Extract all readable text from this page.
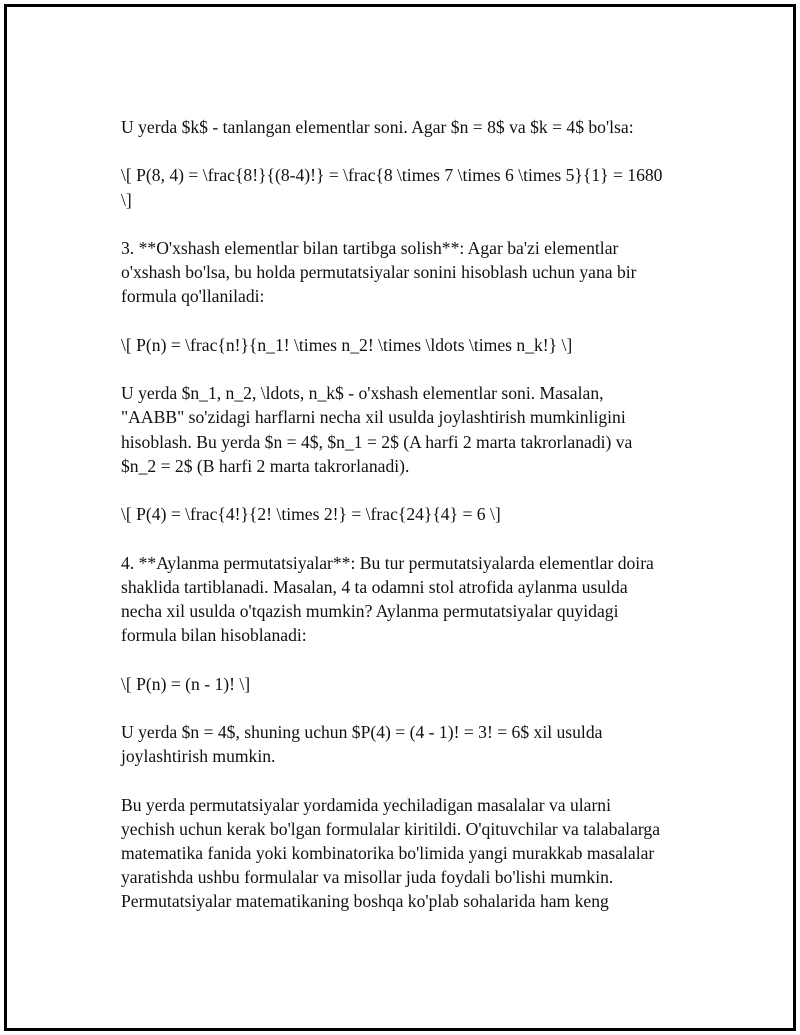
U yerda $k$ - tanlangan elementlar soni. Agar $n = 8$ va $k = 4$ bo'lsa:

\[ P(8, 4) = \frac{8!}{(8-4)!} = \frac{8 \times 7 \times 6 \times 5}{1} = 1680
\]

3. **O'xshash elementlar bilan tartibga solish**: Agar ba'zi elementlar
o'xshash bo'lsa, bu holda permutatsiyalar sonini hisoblash uchun yana bir
formula qo'llaniladi:

\[ P(n) = \frac{n!}{n_1! \times n_2! \times \ldots \times n_k!} \]

U yerda $n_1, n_2, \ldots, n_k$ - o'xshash elementlar soni. Masalan,
"AABB" so'zidagi harflarni necha xil usulda joylashtirish mumkinligini
hisoblash. Bu yerda $n = 4$, $n_1 = 2$ (A harfi 2 marta takrorlanadi) va
$n_2 = 2$ (B harfi 2 marta takrorlanadi).

\[ P(4) = \frac{4!}{2! \times 2!} = \frac{24}{4} = 6 \]

4. **Aylanma permutatsiyalar**: Bu tur permutatsiyalarda elementlar doira
shaklida tartiblanadi. Masalan, 4 ta odamni stol atrofida aylanma usulda
necha xil usulda o'tqazish mumkin? Aylanma permutatsiyalar quyidagi
formula bilan hisoblanadi:

\[ P(n) = (n - 1)! \]

U yerda $n = 4$, shuning uchun $P(4) = (4 - 1)! = 3! = 6$ xil usulda
joylashtirish mumkin.

Bu yerda permutatsiyalar yordamida yechiladigan masalalar va ularni
yechish uchun kerak bo'lgan formulalar kiritildi. O'qituvchilar va talabalarga
matematika fanida yoki kombinatorika bo'limida yangi murakkab masalalar
yaratishda ushbu formulalar va misollar juda foydali bo'lishi mumkin.
Permutatsiyalar matematikaning boshqa ko'plab sohalarida ham keng
